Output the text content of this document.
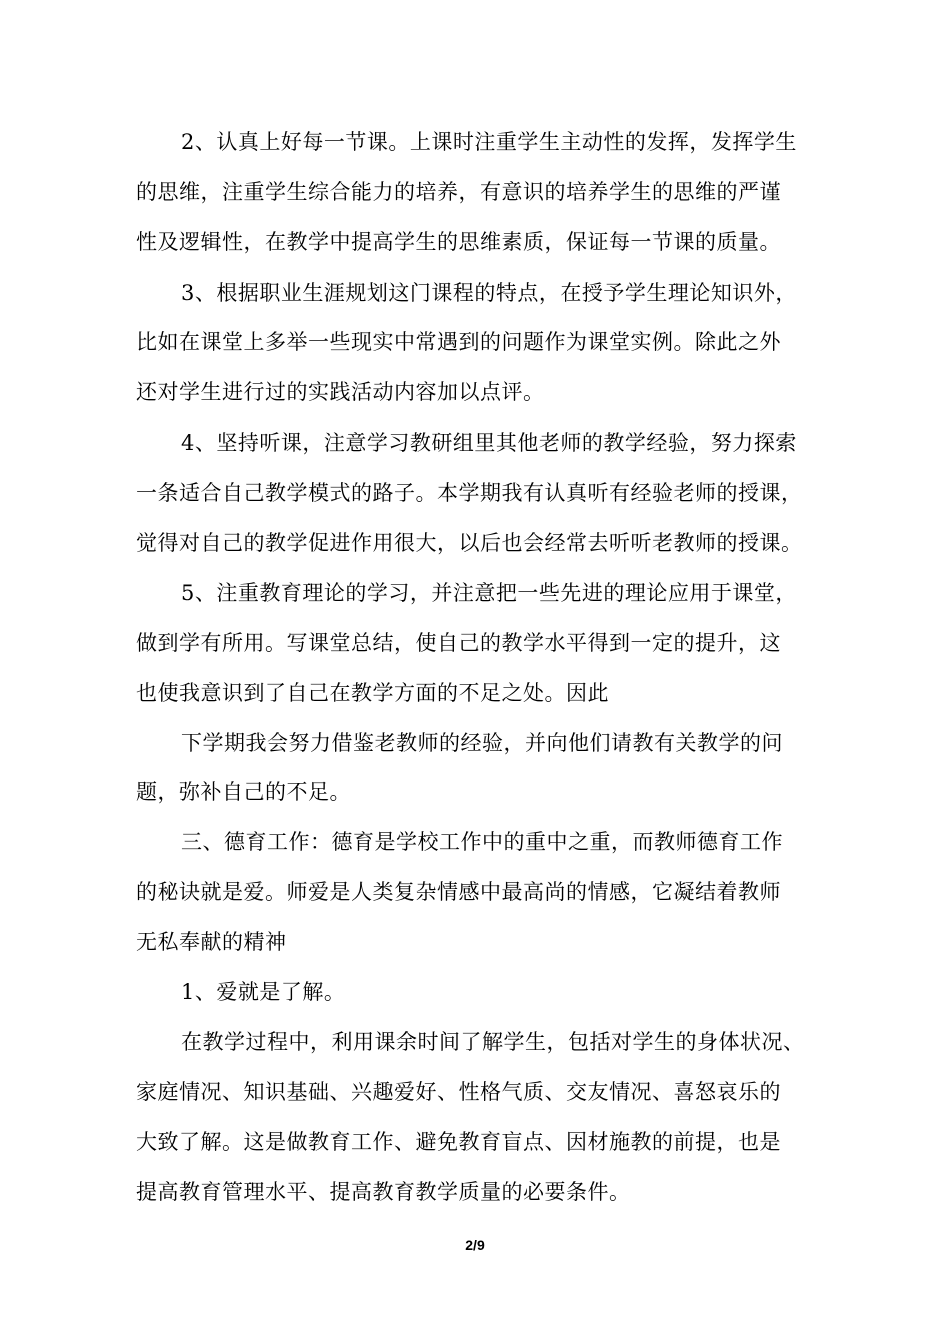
2、认真上好每一节课。上课时注重学生主动性的发挥，发挥学生
的思维，注重学生综合能力的培养，有意识的培养学生的思维的严谨
性及逻辑性，在教学中提高学生的思维素质，保证每一节课的质量。
3、根据职业生涯规划这门课程的特点，在授予学生理论知识外，
比如在课堂上多举一些现实中常遇到的问题作为课堂实例。除此之外
还对学生进行过的实践活动内容加以点评。
4、坚持听课，注意学习教研组里其他老师的教学经验，努力探索
一条适合自己教学模式的路子。本学期我有认真听有经验老师的授课，
觉得对自己的教学促进作用很大，以后也会经常去听听老教师的授课。
5、注重教育理论的学习，并注意把一些先进的理论应用于课堂，
做到学有所用。写课堂总结，使自己的教学水平得到一定的提升，这
也使我意识到了自己在教学方面的不足之处。因此
下学期我会努力借鉴老教师的经验，并向他们请教有关教学的问
题，弥补自己的不足。
三、德育工作：德育是学校工作中的重中之重，而教师德育工作
的秘诀就是爱。师爱是人类复杂情感中最高尚的情感，它凝结着教师
无私奉献的精神
1、爱就是了解。
在教学过程中，利用课余时间了解学生，包括对学生的身体状况、
家庭情况、知识基础、兴趣爱好、性格气质、交友情况、喜怒哀乐的
大致了解。这是做教育工作、避免教育盲点、因材施教的前提，也是
提高教育管理水平、提高教育教学质量的必要条件。
2/9
